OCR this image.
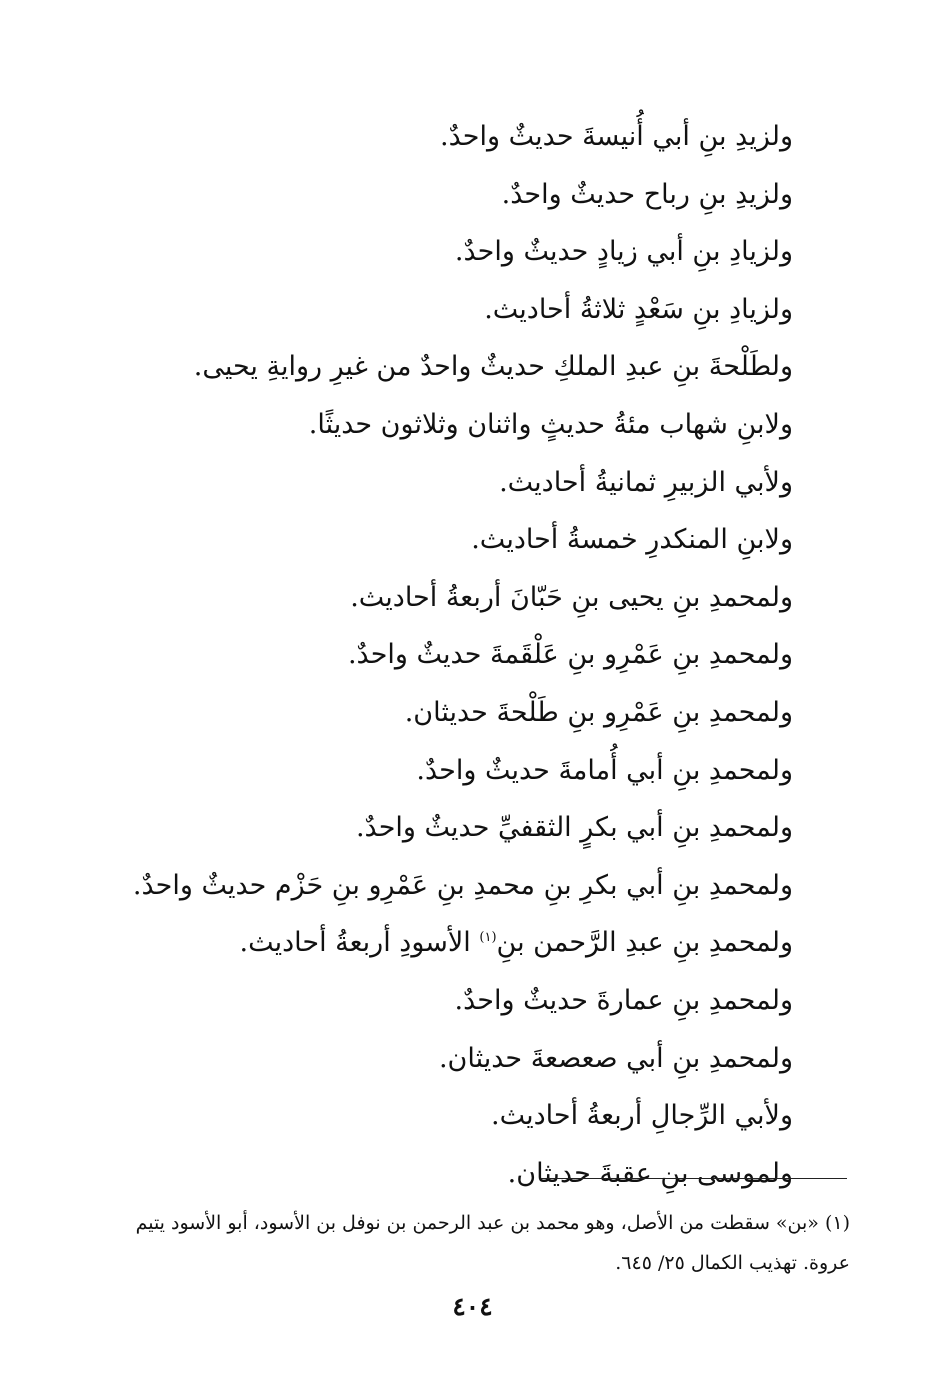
ولزيدِ بنِ أبي أُنيسةَ حديثٌ واحدٌ.
ولزيدِ بنِ رباح حديثٌ واحدٌ.
ولزيادِ بنِ أبي زيادٍ حديثٌ واحدٌ.
ولزيادِ بنِ سَعْدٍ ثلاثةُ أحاديث.
ولطَلْحةَ بنِ عبدِ الملكِ حديثٌ واحدٌ من غيرِ روايةِ يحيى.
ولابنِ شهاب مئةُ حديثٍ واثنان وثلاثون حديثًا.
ولأبي الزبيرِ ثمانيةُ أحاديث.
ولابنِ المنكدرِ خمسةُ أحاديث.
ولمحمدِ بنِ يحيى بنِ حَبّانَ أربعةُ أحاديث.
ولمحمدِ بنِ عَمْرِو بنِ عَلْقَمةَ حديثٌ واحدٌ.
ولمحمدِ بنِ عَمْرِو بنِ طَلْحةَ حديثان.
ولمحمدِ بنِ أبي أُمامةَ حديثٌ واحدٌ.
ولمحمدِ بنِ أبي بكرٍ الثقفيِّ حديثٌ واحدٌ.
ولمحمدِ بنِ أبي بكرِ بنِ محمدِ بنِ عَمْرِو بنِ حَزْم حديثٌ واحدٌ.
ولمحمدِ بنِ عبدِ الرَّحمن بنِ$^{(١)}$ الأسودِ أربعةُ أحاديث.
ولمحمدِ بنِ عمارةَ حديثٌ واحدٌ.
ولمحمدِ بنِ أبي صعصعةَ حديثان.
ولأبي الرِّجالِ أربعةُ أحاديث.
ولموسى بنِ عقبةَ حديثان.

(١) «بن» سقطت من الأصل، وهو محمد بن عبد الرحمن بن نوفل بن الأسود، أبو الأسود يتيم

عروة. تهذيب الكمال ٢٥/ ٦٤٥.

٤٠٤
